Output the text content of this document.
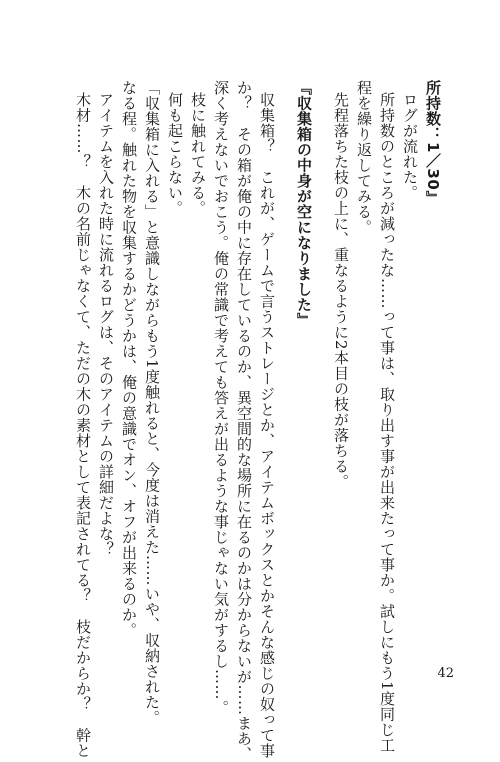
所持数：1／30』
ログが流れた。
所持数のところが減ったな……って事は、取り出す事が出来たって事か。試しにもう1度同じ工
程を繰り返してみる。
先程落ちた枝の上に、重なるように2本目の枝が落ちる。
『収集箱の中身が空になりました』
収集箱？　これが、ゲームで言うストレージとか、アイテムボックスとかそんな感じの奴って事
か？　その箱が俺の中に存在しているのか、異空間的な場所に在るのかは分からないが……まあ、
深く考えないでおこう。俺の常識で考えても答えが出るような事じゃない気がするし……。
枝に触れてみる。
何も起こらない。
「収集箱に入れる」と意識しながらもう1度触れると、今度は消えた……いや、収納された。
なる程。触れた物を収集するかどうかは、俺の意識でオン、オフが出来るのか。
アイテムを入れた時に流れるログは、そのアイテムの詳細だよな？
木材……？　木の名前じゃなくて、ただの木の素材として表記されてる？　枝だからか？　幹と	42
